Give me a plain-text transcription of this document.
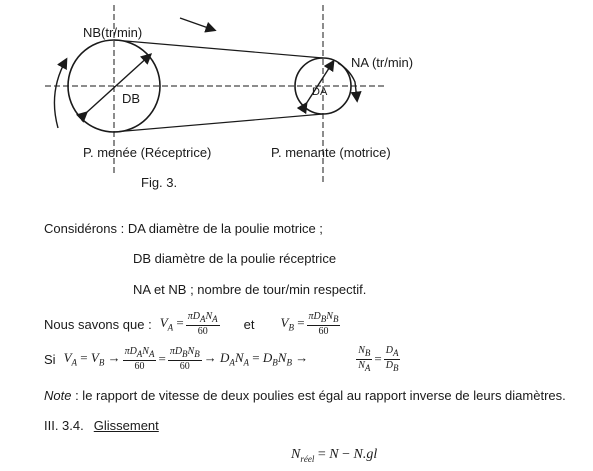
NB(tr/min)
NA (tr/min)
DB	DA
P. menée (Réceptrice)	P. menante (motrice)
Fig. 3.
Considérons : DA diamètre de la poulie motrice ;
DB diamètre de la poulie réceptrice
NA et NB ; nombre de tour/min respectif.
Nous savons que : $V_A = \frac{\pi D_AN_A}{60}$ et $V_B = \frac{\pi D_BN_B}{60}$
Si $V_A = V_B \to \frac{\pi D_AN_A}{60} = \frac{\pi D_BN_B}{60} \to D_AN_A = D_BN_B$ →	$\frac{N_B}{N_A} = \frac{D_A}{D_B}$
Note : le rapport de vitesse de deux poulies est égal au rapport inverse de leurs diamètres.
III. 3.4. Glissement
$N_{réel} = N - N.gl$
